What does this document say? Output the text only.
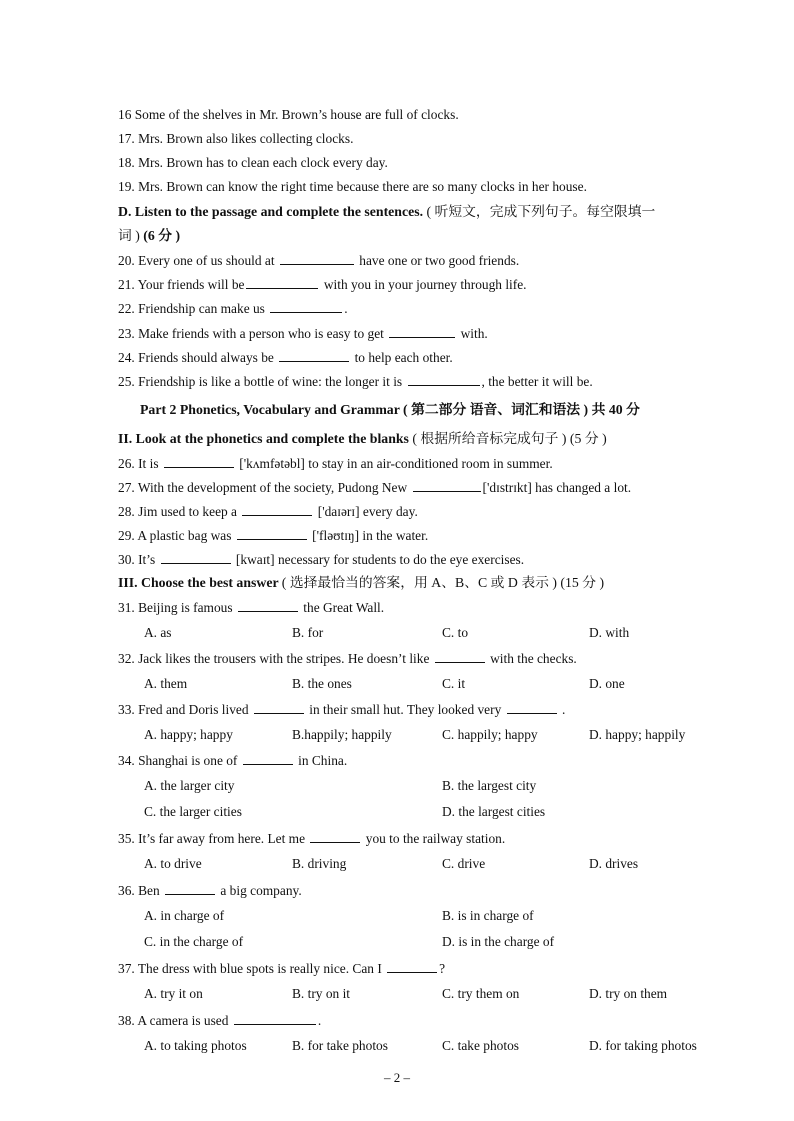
16 Some of the shelves in Mr. Brown’s house are full of clocks.
17. Mrs. Brown also likes collecting clocks.
18. Mrs. Brown has to clean each clock every day.
19. Mrs. Brown can know the right time because there are so many clocks in her house.
D. Listen to the passage and complete the sentences. ( 听短文，完成下列句子。每空限填一
词 ) (6 分 )
20. Every one of us should at	have one or two good friends.
21. Your friends will be	with you in your journey through life.
22. Friendship can make us	.
23. Make friends with a person who is easy to get	with.
24. Friends should always be	to help each other.
25. Friendship is like a bottle of wine: the longer it is	, the better it will be.
Part 2 Phonetics, Vocabulary and Grammar ( 第二部分 语音、词汇和语法 ) 共 40 分
II. Look at the phonetics and complete the blanks ( 根据所给音标完成句子 ) (5 分 )
26. It is	['kʌmfətəbl] to stay in an air-conditioned room in summer.
27. With the development of the society, Pudong New	['dɪstrɪkt] has changed a lot.
28. Jim used to keep a	['daɪərɪ] every day.
29. A plastic bag was	['fləʊtɪŋ] in the water.
30. It’s	[kwaɪt] necessary for students to do the eye exercises.
III. Choose the best answer ( 选择最恰当的答案，用 A、B、C 或 D 表示 ) (15 分 )
31. Beijing is famous	the Great Wall.
A. as	B. for	C. to	D. with
32. Jack likes the trousers with the stripes. He doesn’t like	with the checks.
A. them	B. the ones	C. it	D. one
33. Fred and Doris lived	in their small hut. They looked very	.
A. happy; happy	B.happily; happily	C. happily; happy	D. happy; happily
34. Shanghai is one of	in China.
A. the larger city	B. the largest city
C. the larger cities	D. the largest cities
35. It’s far away from here. Let me	you to the railway station.
A. to drive	B. driving	C. drive	D. drives
36. Ben	a big company.
A. in charge of	B. is in charge of
C. in the charge of	D. is in the charge of
37. The dress with blue spots is really nice. Can I	?
A. try it on	B. try on it	C. try them on	D. try on them
38. A camera is used	.
A. to taking photos	B. for take photos	C. take photos	D. for taking photos
– 2 –
